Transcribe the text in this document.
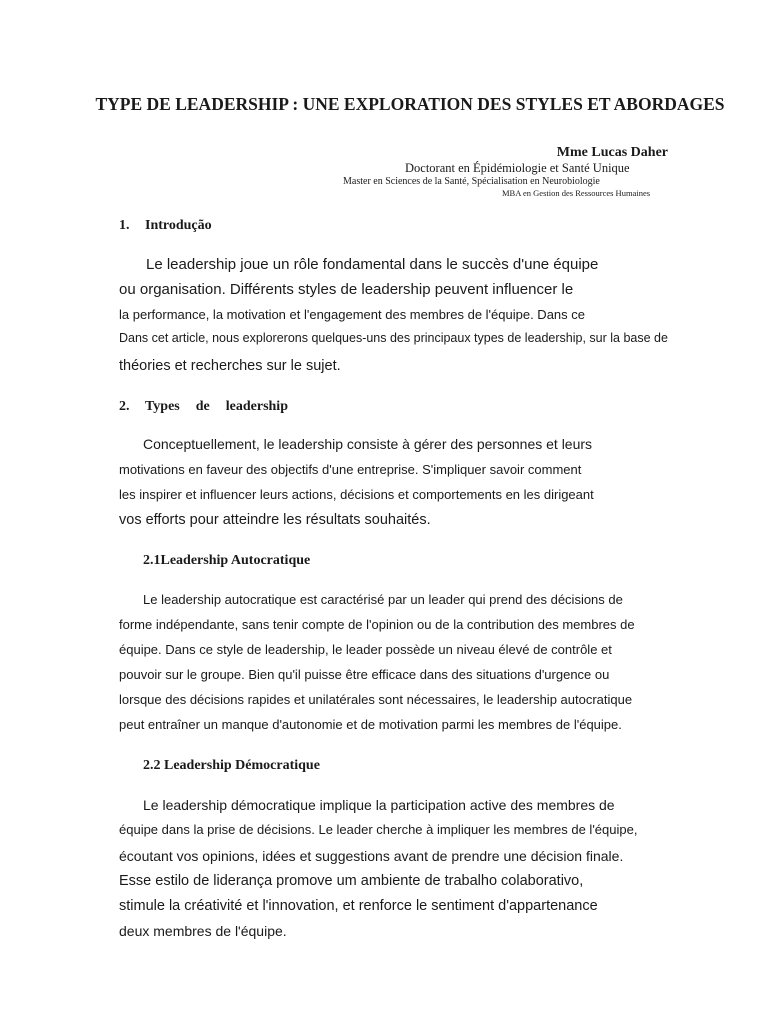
TYPE DE LEADERSHIP : UNE EXPLORATION DES STYLES ET ABORDAGES
Mme Lucas Daher
Doctorant en Épidémiologie et Santé Unique
Master en Sciences de la Santé, Spécialisation en Neurobiologie
MBA en Gestion des Ressources Humaines
1. Introdução
Le leadership joue un rôle fondamental dans le succès d'une équipe
ou organisation. Différents styles de leadership peuvent influencer le
la performance, la motivation et l'engagement des membres de l'équipe. Dans ce
Dans cet article, nous explorerons quelques-uns des principaux types de leadership, sur la base de
théories et recherches sur le sujet.
2. Types de leadership
Conceptuellement, le leadership consiste à gérer des personnes et leurs
motivations en faveur des objectifs d'une entreprise. S'impliquer savoir comment
les inspirer et influencer leurs actions, décisions et comportements en les dirigeant
vos efforts pour atteindre les résultats souhaités.
2.1Leadership Autocratique
Le leadership autocratique est caractérisé par un leader qui prend des décisions de
forme indépendante, sans tenir compte de l'opinion ou de la contribution des membres de
équipe. Dans ce style de leadership, le leader possède un niveau élevé de contrôle et
pouvoir sur le groupe. Bien qu'il puisse être efficace dans des situations d'urgence ou
lorsque des décisions rapides et unilatérales sont nécessaires, le leadership autocratique
peut entraîner un manque d'autonomie et de motivation parmi les membres de l'équipe.
2.2 Leadership Démocratique
Le leadership démocratique implique la participation active des membres de
équipe dans la prise de décisions. Le leader cherche à impliquer les membres de l'équipe,
écoutant vos opinions, idées et suggestions avant de prendre une décision finale.
Esse estilo de liderança promove um ambiente de trabalho colaborativo,
stimule la créativité et l'innovation, et renforce le sentiment d'appartenance
deux membres de l'équipe.
